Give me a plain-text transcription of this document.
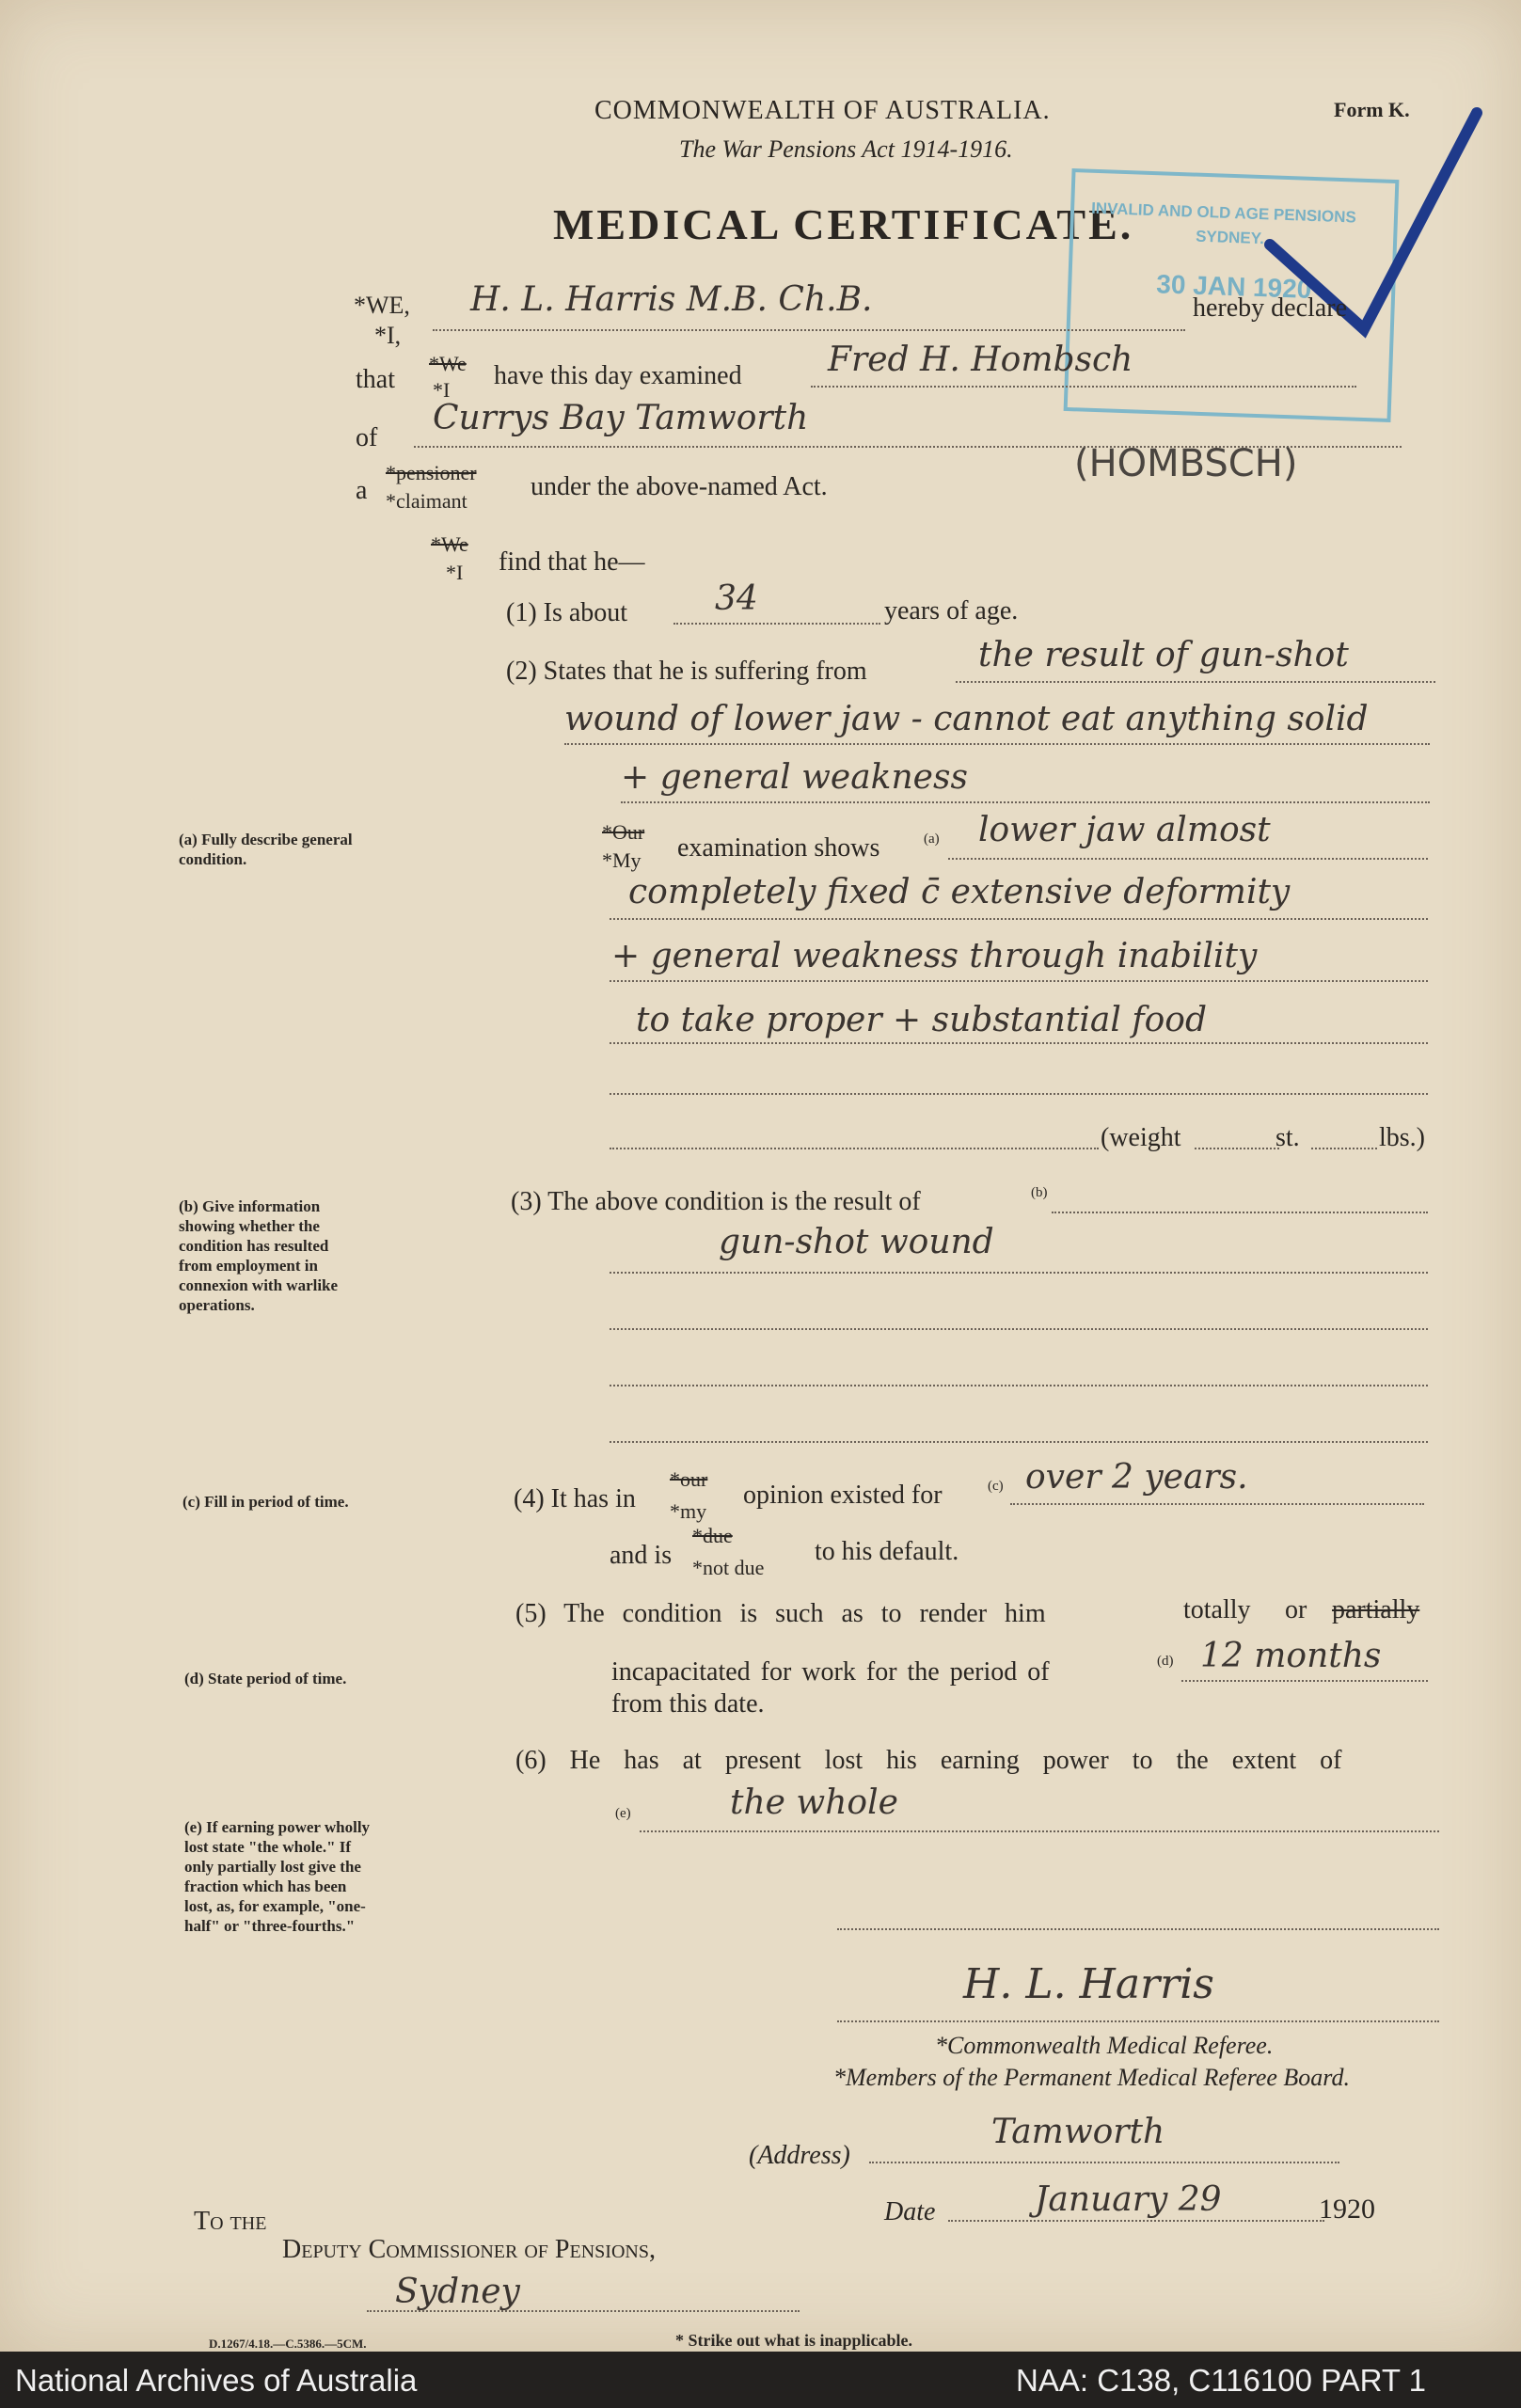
COMMONWEALTH OF AUSTRALIA.
The War Pensions Act 1914-1916.
Form K.
MEDICAL CERTIFICATE.
INVALID AND OLD AGE PENSIONS
SYDNEY.
30 JAN 1920
*WE,
*I,
H. L. Harris M.B. Ch.B.	hereby declare
that
*We
*I have this day examined	Fred H. Hombsch
of
Currys Bay Tamworth
a
*pensioner
*claimant under the above-named Act.
(HOMBSCH)
*We
*I find that he—
(1) Is about	34	years of age.
(2) States that he is suffering from	the result of gun-shot
wound of lower jaw - cannot eat anything solid
+ general weakness
*Our
*My examination shows	(a) lower jaw almost
completely fixed c̄ extensive deformity
+ general weakness through inability
to take proper + substantial food
(weight	st.	lbs.)
(3) The above condition is the result of	(b)
gun-shot wound
(4) It has in
*our
*my
opinion existed for	(c) over 2 years.
and is
*due
*not due
to his default.
(5) The condition is such as to render him	totally or partially
incapacitated for work for the period of	(d) 12 months
from this date.
(6) He has at present lost his earning power to the extent of
(e)	the whole
(a) Fully describe general condition.
(b) Give information showing whether the condition has resulted from employment in connexion with warlike operations.
(c) Fill in period of time.
(d) State period of time.
(e) If earning power wholly lost state "the whole." If only partially lost give the fraction which has been lost, as, for example, "one-half" or "three-fourths."
H. L. Harris
*Commonwealth Medical Referee.
*Members of the Permanent Medical Referee Board.
(Address)
Tamworth
Date	January 29	1920
To the
Deputy Commissioner of Pensions,
Sydney
D.1267/4.18.—C.5386.—5CM.	* Strike out what is inapplicable.
National Archives of Australia	NAA: C138, C116100 PART 1
